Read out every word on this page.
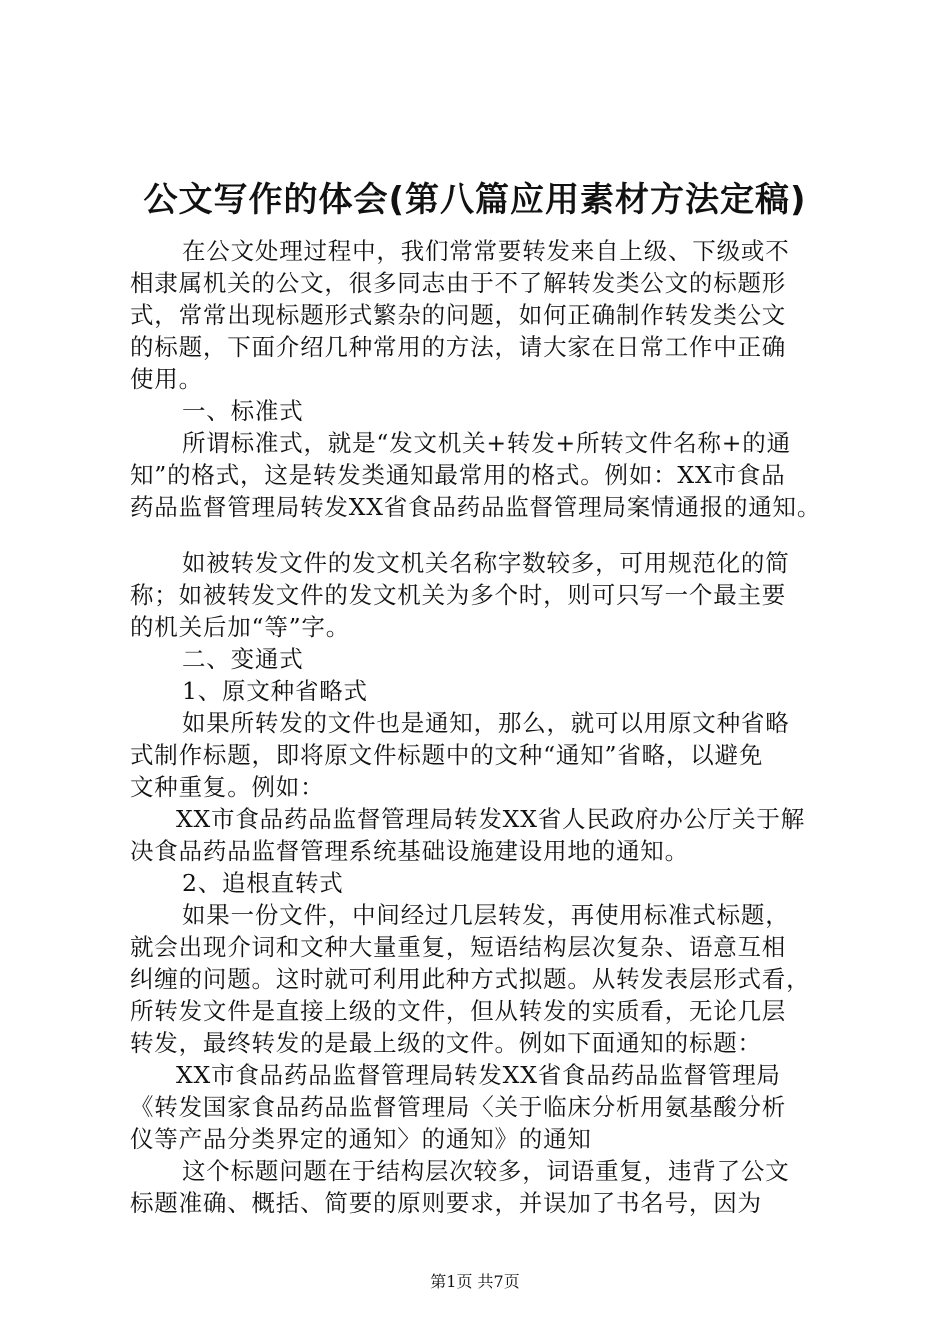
公文写作的体会(第八篇应用素材方法定稿)
在公文处理过程中，我们常常要转发来自上级、下级或不
相隶属机关的公文，很多同志由于不了解转发类公文的标题形
式，常常出现标题形式繁杂的问题，如何正确制作转发类公文
的标题，下面介绍几种常用的方法，请大家在日常工作中正确
使用。
一、标准式
所谓标准式，就是“发文机关+转发+所转文件名称+的通
知”的格式，这是转发类通知最常用的格式。例如：XX市食品
药品监督管理局转发XX省食品药品监督管理局案情通报的通知。
如被转发文件的发文机关名称字数较多，可用规范化的简
称；如被转发文件的发文机关为多个时，则可只写一个最主要
的机关后加“等”字。
二、变通式
1、原文种省略式
如果所转发的文件也是通知，那么，就可以用原文种省略
式制作标题，即将原文件标题中的文种“通知”省略，以避免
文种重复。例如：
XX市食品药品监督管理局转发XX省人民政府办公厅关于解
决食品药品监督管理系统基础设施建设用地的通知。
2、追根直转式
如果一份文件，中间经过几层转发，再使用标准式标题，
就会出现介词和文种大量重复，短语结构层次复杂、语意互相
纠缠的问题。这时就可利用此种方式拟题。从转发表层形式看，
所转发文件是直接上级的文件，但从转发的实质看，无论几层
转发，最终转发的是最上级的文件。例如下面通知的标题：
XX市食品药品监督管理局转发XX省食品药品监督管理局
《转发国家食品药品监督管理局〈关于临床分析用氨基酸分析
仪等产品分类界定的通知〉的通知》的通知
这个标题问题在于结构层次较多，词语重复，违背了公文
标题准确、概括、简要的原则要求，并误加了书名号，因为
第1页 共7页
